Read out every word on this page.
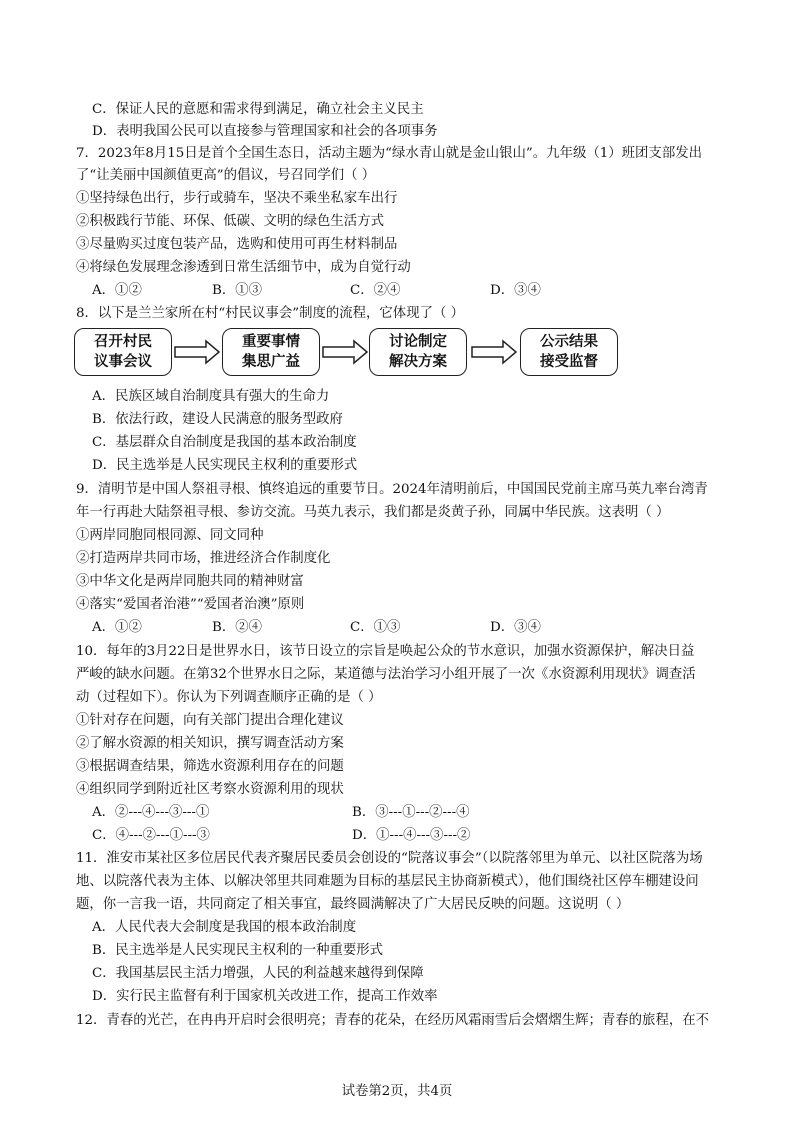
C．保证人民的意愿和需求得到满足，确立社会主义民主
D．表明我国公民可以直接参与管理国家和社会的各项事务
7．2023年8月15日是首个全国生态日，活动主题为“绿水青山就是金山银山”。九年级（1）班团支部发出
了“让美丽中国颜值更高”的倡议，号召同学们（ ）
①坚持绿色出行，步行或骑车，坚决不乘坐私家车出行
②积极践行节能、环保、低碳、文明的绿色生活方式
③尽量购买过度包装产品，选购和使用可再生材料制品
④将绿色发展理念渗透到日常生活细节中，成为自觉行动
A．①②	B．①③	C．②④	D．③④
8．以下是兰兰家所在村“村民议事会”制度的流程，它体现了（ ）
召开村民
议事会议
重要事情
集思广益
讨论制定
解决方案
公示结果
接受监督
A．民族区域自治制度具有强大的生命力
B．依法行政，建设人民满意的服务型政府
C．基层群众自治制度是我国的基本政治制度
D．民主选举是人民实现民主权利的重要形式
9．清明节是中国人祭祖寻根、慎终追远的重要节日。2024年清明前后，中国国民党前主席马英九率台湾青
年一行再赴大陆祭祖寻根、参访交流。马英九表示，我们都是炎黄子孙，同属中华民族。这表明（ ）
①两岸同胞同根同源、同文同种
②打造两岸共同市场，推进经济合作制度化
③中华文化是两岸同胞共同的精神财富
④落实“爱国者治港”“爱国者治澳”原则
A．①②	B．②④	C．①③	D．③④
10．每年的3月22日是世界水日，该节日设立的宗旨是唤起公众的节水意识，加强水资源保护，解决日益
严峻的缺水问题。在第32个世界水日之际，某道德与法治学习小组开展了一次《水资源利用现状》调查活
动（过程如下）。你认为下列调查顺序正确的是（ ）
①针对存在问题，向有关部门提出合理化建议
②了解水资源的相关知识，撰写调查活动方案
③根据调查结果，筛选水资源利用存在的问题
④组织同学到附近社区考察水资源利用的现状
A．②---④---③---①	B．③---①---②---④
C．④---②---①---③	D．①---④---③---②
11．淮安市某社区多位居民代表齐聚居民委员会创设的“院落议事会”（以院落邻里为单元、以社区院落为场
地、以院落代表为主体、以解决邻里共同难题为目标的基层民主协商新模式），他们围绕社区停车棚建设问
题，你一言我一语，共同商定了相关事宜，最终圆满解决了广大居民反映的问题。这说明（ ）
A．人民代表大会制度是我国的根本政治制度
B．民主选举是人民实现民主权利的一种重要形式
C．我国基层民主活力增强，人民的利益越来越得到保障
D．实行民主监督有利于国家机关改进工作，提高工作效率
12．青春的光芒，在冉冉开启时会很明亮；青春的花朵，在经历风霜雨雪后会熠熠生辉；青春的旅程，在不
试卷第2页，共4页
